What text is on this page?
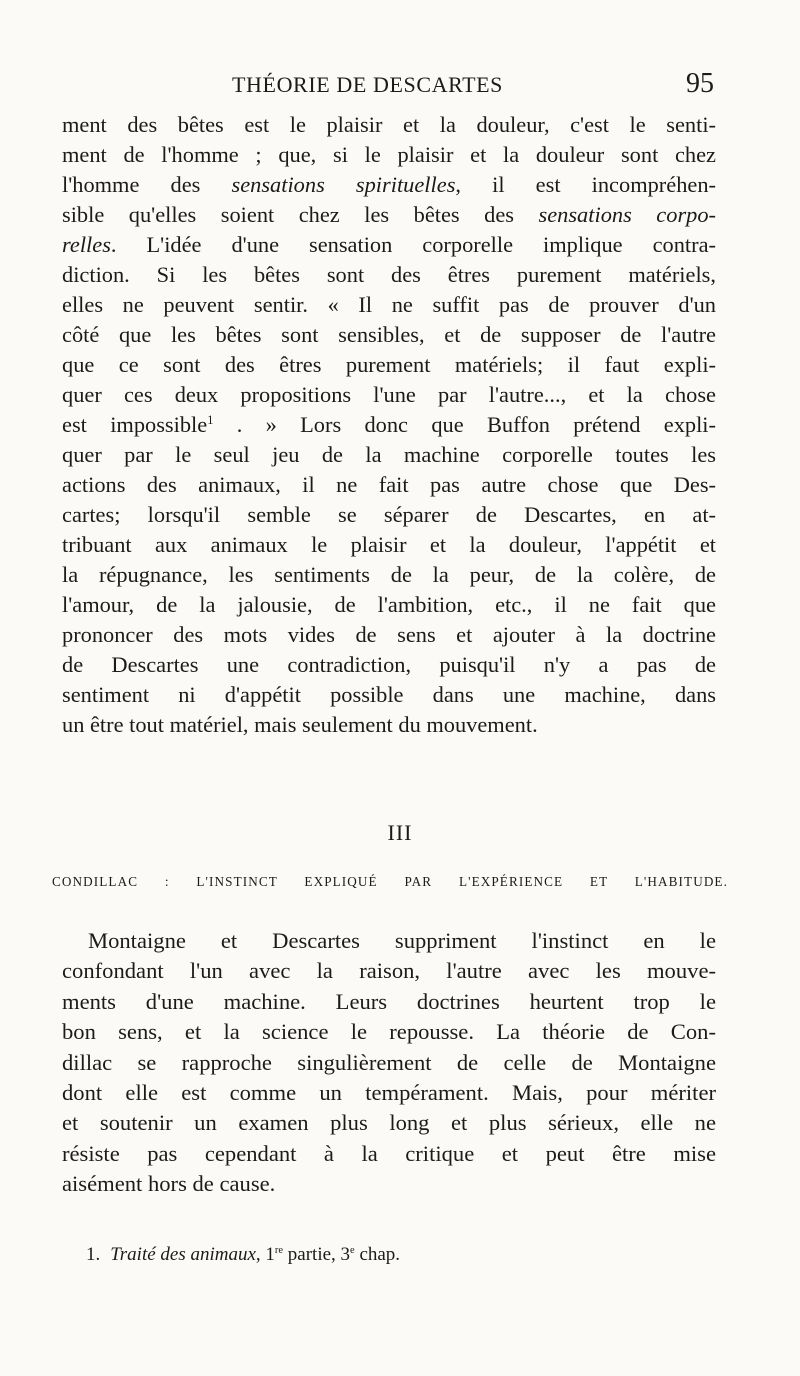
THÉORIE DE DESCARTES	95
ment des bêtes est le plaisir et la douleur, c'est le senti-
ment de l'homme ; que, si le plaisir et la douleur sont chez
l'homme des sensations spirituelles, il est incompréhen-
sible qu'elles soient chez les bêtes des sensations corpo-
relles. L'idée d'une sensation corporelle implique contra-
diction. Si les bêtes sont des êtres purement matériels,
elles ne peuvent sentir. « Il ne suffit pas de prouver d'un
côté que les bêtes sont sensibles, et de supposer de l'autre
que ce sont des êtres purement matériels; il faut expli-
quer ces deux propositions l'une par l'autre..., et la chose
est impossible$^1$ . » Lors donc que Buffon prétend expli-
quer par le seul jeu de la machine corporelle toutes les
actions des animaux, il ne fait pas autre chose que Des-
cartes; lorsqu'il semble se séparer de Descartes, en at-
tribuant aux animaux le plaisir et la douleur, l'appétit et
la répugnance, les sentiments de la peur, de la colère, de
l'amour, de la jalousie, de l'ambition, etc., il ne fait que
prononcer des mots vides de sens et ajouter à la doctrine
de Descartes une contradiction, puisqu'il n'y a pas de
sentiment ni d'appétit possible dans une machine, dans
un être tout matériel, mais seulement du mouvement.
III
CONDILLAC : L'INSTINCT EXPLIQUÉ PAR L'EXPÉRIENCE ET L'HABITUDE.
Montaigne et Descartes suppriment l'instinct en le
confondant l'un avec la raison, l'autre avec les mouve-
ments d'une machine. Leurs doctrines heurtent trop le
bon sens, et la science le repousse. La théorie de Con-
dillac se rapproche singulièrement de celle de Montaigne
dont elle est comme un tempérament. Mais, pour mériter
et soutenir un examen plus long et plus sérieux, elle ne
résiste pas cependant à la critique et peut être mise
aisément hors de cause.
1. Traité des animaux, 1re partie, 3e chap.
